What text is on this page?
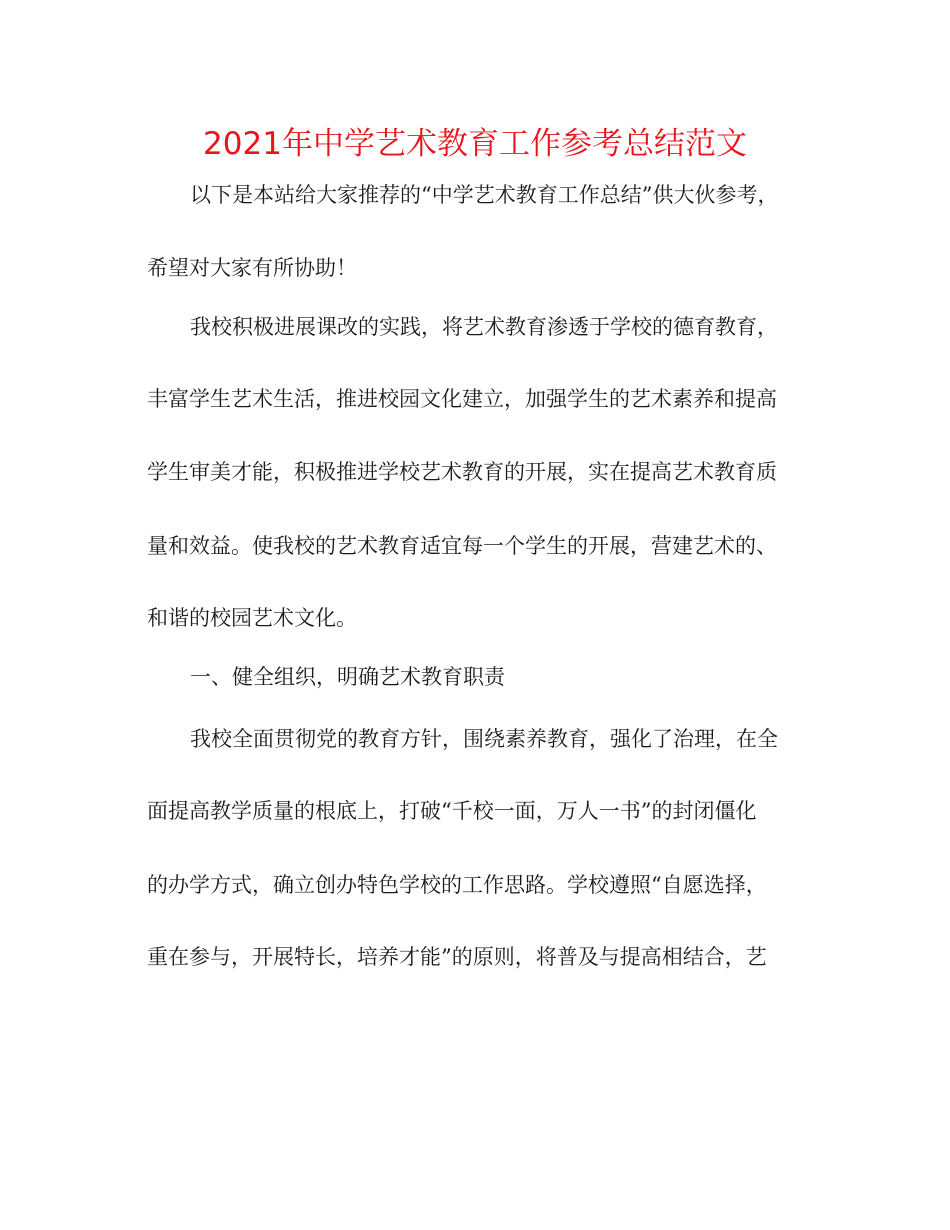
2021年中学艺术教育工作参考总结范文

以下是本站给大家推荐的“中学艺术教育工作总结”供大伙参考，

希望对大家有所协助！

我校积极进展课改的实践，将艺术教育渗透于学校的德育教育，

丰富学生艺术生活，推进校园文化建立，加强学生的艺术素养和提高

学生审美才能，积极推进学校艺术教育的开展，实在提高艺术教育质

量和效益。使我校的艺术教育适宜每一个学生的开展，营建艺术的、

和谐的校园艺术文化。

一、健全组织，明确艺术教育职责

我校全面贯彻党的教育方针，围绕素养教育，强化了治理，在全

面提高教学质量的根底上，打破“千校一面，万人一书”的封闭僵化

的办学方式，确立创办特色学校的工作思路。学校遵照“自愿选择，

重在参与，开展特长，培养才能”的原则，将普及与提高相结合，艺
